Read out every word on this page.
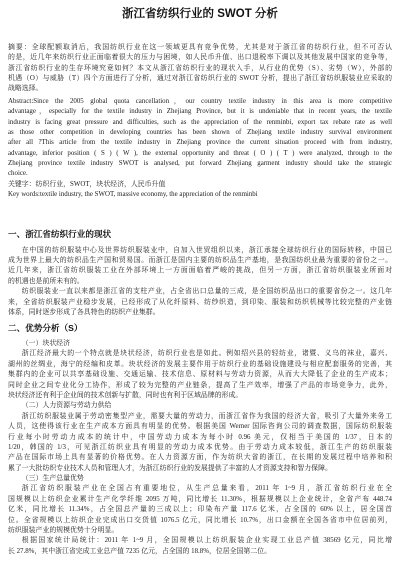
浙江省纺织行业的 SWOT 分析
摘要：全球配额取消后，我国纺织行业在这一领域更具有竞争优势，尤其是对于浙江省的纺织行业，但不可否认
的是，近几年来纺织行业正面临着很大的压力与困境，如人民币升值、出口退税率下调以及其他发展中国家的竞争等，
浙江省纺织行业的生存环境究竟如何？本文从浙江省纺织行业的现状入手，从行业的优势（S）、劣势（W），外部的
机遇（O）与威胁（T）四个方面进行了分析，通过对浙江省纺织行业的 SWOT 分析，提出了浙江省纺织服装业应采取的
战略选择。
Abstract:Since the 2005 global quota cancellation，our country textile industry in this area is more competitive
advantage，especially for the textile industry in Zhejiang Province, but it is undeniable that in recent years, the textile
industry is facing great pressure and difficulties, such as the appreciation of the renminbi, export tax rebate rate as well
as those other competition in developing countries has been shown of Zhejiang textile industry survival environment
after all ?This article from the textile industry in Zhejiang province the current situation proceed with from industry,
advantage, inferior position ( S ) ( W ), the external opportunity and threat ( O ) ( T ) were analyzed, through to the
Zhejiang province textile industry SWOT is analysed, put forward Zhejiang garment industry should take the strategic
choice.
关键字：纺织行业，SWOT，块状经济，人民币升值
Key words:textile industry, the SWOT, massive economy, the appreciation of the renminbi
一、浙江省纺织行业的现状
在中国的纺织服装中心及世界纺织服装业中，自加入世贸组织以来，浙江承接全球纺织行业的国际转移，中国已
成为世界上最大的纺织品生产国和贸易国。而浙江是国内主要的纺织品生产基地，是我国纺织业最为重要的省份之一。
近几年来，浙江省纺织服装工业在外部环境上一方面面临着严峻的挑战，但另一方面，浙江省纺织服装业所面对
的机遇也是前所未有的。
纺织服装业一直以来都是浙江省的支柱产业，占全省出口总量的三成，是全国纺织品出口的重要省份之一。这几年
来，全省纺织服装产业稳步发展，已经形成了从化纤原料、纺纱织造，到印染、服装和纺织机械等比较完整的产业链
体系，同时逐步形成了各具特色的纺织产业集群。
二、优势分析（S）
（一）块状经济
浙江经济最大的一个特点就是块状经济，纺织行业也是如此。例如绍兴县的轻纺业，诸暨、义乌的袜业，嘉兴、
湖州的丝绸业，海宁的经编和皮革。块状经济的发展主要作用于纺织行业的基础设施建设与相应配套服务的完善，其
集群内的企业可以共享基础设施、交通运输、技术信息、原材料与劳动力资源，从而大大降低了企业的生产成本；
同时企业之间专业化分工协作，形成了较为完整的产业链条，提高了生产效率，增强了产品的市场竞争力，此外，
块状经济还有利于企业间的技术创新与扩散，同时也有利于区域品牌的形成。
（二）人力资源与劳动力供给
浙江纺织服装业属于劳动密集型产业，需要大量的劳动力，而浙江省作为我国的经济大省，吸引了大量外来务工
人员，这使得该行业在生产成本方面具有明显的优势。根据美国 Werner 国际咨询公司的调查数据，国际纺织服装
行业每小时劳动力成本的统计中，中国劳动力成本为每小时 0.96 美元，仅相当于美国的 1/37，日本的
1/20，韩国的 1/3，可见浙江纺织业具有明显的劳动力成本优势。由于劳动力成本较低，浙江生产的纺织服装
产品在国际市场上具有显著的价格优势。在人力资源方面，作为纺织大省的浙江，在长期的发展过程中培养和积
累了一大批纺织专业技术人员和管理人才，为浙江纺织行业的发展提供了丰富的人才资源支持和智力保障。
（三）生产总量优势
浙江省纺织服装产业在全国占有重要地位，从生产总量来看，2011 年 1~9 月，浙江省纺织行业在全
国规模以上纺织企业累计生产化学纤维 2095 万吨，同比增长 11.30%，根据规模以上企业统计，全省产布 448.74
亿米，同比增长 11.34%，占全国总产量的三成以上；印染布产量 117.6 亿米，占全国的 60% 以上，居全国首
位。全省规模以上纺织企业完成出口交货值 1076.5 亿元，同比增长 10.7%，出口金额在全国各省市中位居前列，
纺织服装产业的规模优势十分明显。
根据国家统计局统计：2011 年 1~9 月，全国规模以上纺织服装企业实现工业总产值 38569 亿元，同比增
长 27.8%，其中浙江省完成工业总产值 7235 亿元，占全国的 18.8%，位居全国第二位。
